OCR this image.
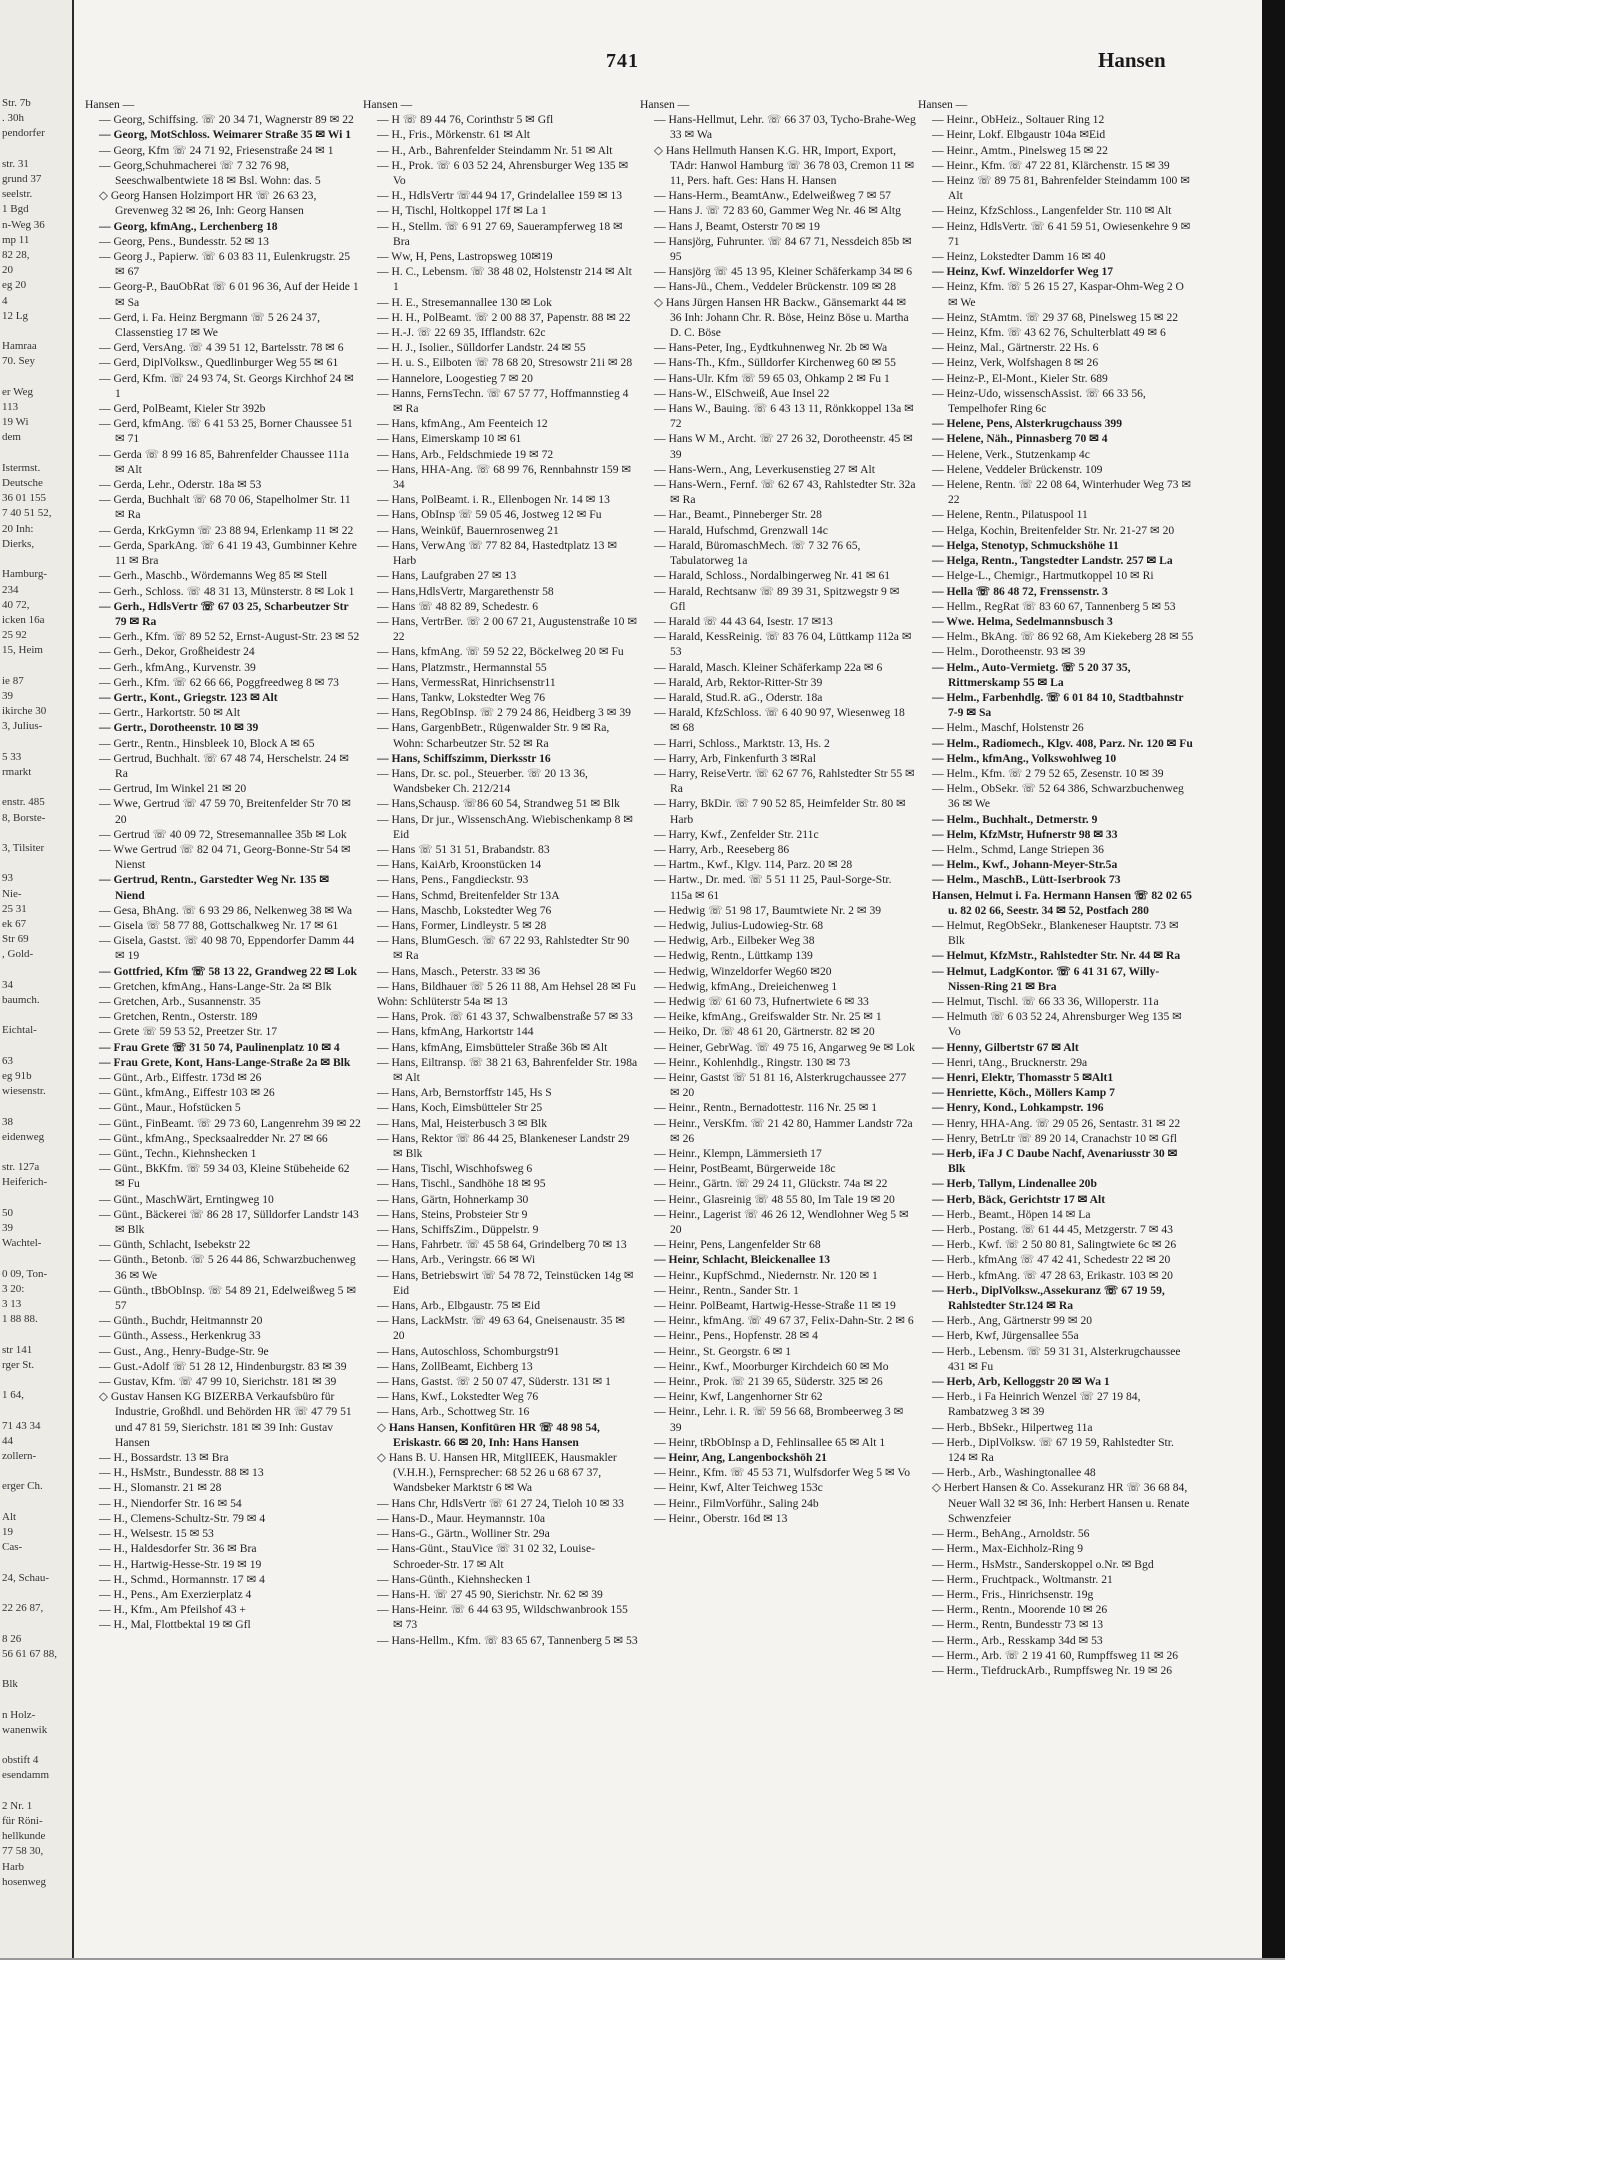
Str. 7b
. 30h
pendorfer

str. 31
grund 37
seelstr.
1 Bgd
n-Weg 36
mp 11
82 28,
20
eg 20
4
12 Lg

Hamraa
70. Sey

er Weg
113
19 Wi
dem

Istermst.
Deutsche
36 01 155
7 40 51 52,
20 Inh:
Dierks,

Hamburg-
234
40 72,
icken 16a
25 92
15, Heim

ie 87
39
ikirche 30
3, Julius-

5 33
rmarkt

enstr. 485
8, Borste-

3, Tilsiter

93
Nie-
25 31
ek 67
Str 69
, Gold-

34
baumch.

Eichtal-

63
eg 91b
wiesenstr.

38
eidenweg

str. 127a
Heiferich-

50
39
Wachtel-

0 09, Ton-
3 20:
3 13
1 88 88.

str 141
rger St.

1 64,

71 43 34
44
zollern-

erger Ch.

Alt
19
Cas-

24, Schau-

22 26 87,

8 26
56 61 67 88,

Blk

n Holz-
wanenwik

obstift 4
esendamm

2 Nr. 1
für Röni-
hellkunde
77 58 30,
Harb
hosenweg
741	Hansen

Hansen —

— Georg, Schiffsing. ☏ 20 34 71, Wagnerstr 89 ✉ 22

— Georg, MotSchloss. Weimarer Straße 35 ✉ Wi 1

— Georg, Kfm ☏ 24 71 92, Friesenstraße 24 ✉ 1

— Georg,Schuhmacherei ☏ 7 32 76 98, Seeschwalbentwiete 18 ✉ Bsl. Wohn: das. 5

◇ Georg Hansen Holzimport HR ☏ 26 63 23, Grevenweg 32 ✉ 26, Inh: Georg Hansen

— Georg, kfmAng., Lerchenberg 18

— Georg, Pens., Bundesstr. 52 ✉ 13

— Georg J., Papierw. ☏ 6 03 83 11, Eulenkrugstr. 25 ✉ 67

— Georg-P., BauObRat ☏ 6 01 96 36, Auf der Heide 1 ✉ Sa

— Gerd, i. Fa. Heinz Bergmann ☏ 5 26 24 37, Classenstieg 17 ✉ We

— Gerd, VersAng. ☏ 4 39 51 12, Bartelsstr. 78 ✉ 6

— Gerd, DiplVolksw., Quedlinburger Weg 55 ✉ 61

— Gerd, Kfm. ☏ 24 93 74, St. Georgs Kirchhof 24 ✉ 1

— Gerd, PolBeamt, Kieler Str 392b

— Gerd, kfmAng. ☏ 6 41 53 25, Borner Chaussee 51 ✉ 71

— Gerda ☏ 8 99 16 85, Bahrenfelder Chaussee 111a ✉ Alt

— Gerda, Lehr., Oderstr. 18a ✉ 53

— Gerda, Buchhalt ☏ 68 70 06, Stapelholmer Str. 11 ✉ Ra

— Gerda, KrkGymn ☏ 23 88 94, Erlenkamp 11 ✉ 22

— Gerda, SparkAng. ☏ 6 41 19 43, Gumbinner Kehre 11 ✉ Bra

— Gerh., Maschb., Wördemanns Weg 85 ✉ Stell

— Gerh., Schloss. ☏ 48 31 13, Münsterstr. 8 ✉ Lok 1

— Gerh., HdlsVertr ☏ 67 03 25, Scharbeutzer Str 79 ✉ Ra

— Gerh., Kfm. ☏ 89 52 52, Ernst-August-Str. 23 ✉ 52

— Gerh., Dekor, Großheidestr 24

— Gerh., kfmAng., Kurvenstr. 39

— Gerh., Kfm. ☏ 62 66 66, Poggfreedweg 8 ✉ 73

— Gertr., Kont., Griegstr. 123 ✉ Alt

— Gertr., Harkortstr. 50 ✉ Alt

— Gertr., Dorotheenstr. 10 ✉ 39

— Gertr., Rentn., Hinsbleek 10, Block A ✉ 65

— Gertrud, Buchhalt. ☏ 67 48 74, Herschelstr. 24 ✉ Ra

— Gertrud, Im Winkel 21 ✉ 20

— Wwe, Gertrud ☏ 47 59 70, Breitenfelder Str 70 ✉ 20

— Gertrud ☏ 40 09 72, Stresemannallee 35b ✉ Lok

— Wwe Gertrud ☏ 82 04 71, Georg-Bonne-Str 54 ✉ Nienst

— Gertrud, Rentn., Garstedter Weg Nr. 135 ✉ Niend

— Gesa, BhAng. ☏ 6 93 29 86, Nelkenweg 38 ✉ Wa

— Gisela ☏ 58 77 88, Gottschalkweg Nr. 17 ✉ 61

— Gisela, Gastst. ☏ 40 98 70, Eppendorfer Damm 44 ✉ 19

— Gottfried, Kfm ☏ 58 13 22, Grandweg 22 ✉ Lok

— Gretchen, kfmAng., Hans-Lange-Str. 2a ✉ Blk

— Gretchen, Arb., Susannenstr. 35

— Gretchen, Rentn., Osterstr. 189

— Grete ☏ 59 53 52, Preetzer Str. 17

— Frau Grete ☏ 31 50 74, Paulinenplatz 10 ✉ 4

— Frau Grete, Kont, Hans-Lange-Straße 2a ✉ Blk

— Günt., Arb., Eiffestr. 173d ✉ 26

— Günt., kfmAng., Eiffestr 103 ✉ 26

— Günt., Maur., Hofstücken 5

— Günt., FinBeamt. ☏ 29 73 60, Langenrehm 39 ✉ 22

— Günt., kfmAng., Specksaalredder Nr. 27 ✉ 66

— Günt., Techn., Kiehnshecken 1

— Günt., BkKfm. ☏ 59 34 03, Kleine Stübeheide 62 ✉ Fu

— Günt., MaschWärt, Erntingweg 10

— Günt., Bäckerei ☏ 86 28 17, Sülldorfer Landstr 143 ✉ Blk

— Günth, Schlacht, Isebekstr 22

— Günth., Betonb. ☏ 5 26 44 86, Schwarzbuchenweg 36 ✉ We

— Günth., tBbObInsp. ☏ 54 89 21, Edelweißweg 5 ✉ 57

— Günth., Buchdr, Heitmannstr 20

— Günth., Assess., Herkenkrug 33

— Gust., Ang., Henry-Budge-Str. 9e

— Gust.-Adolf ☏ 51 28 12, Hindenburgstr. 83 ✉ 39

— Gustav, Kfm. ☏ 47 99 10, Sierichstr. 181 ✉ 39

◇ Gustav Hansen KG BIZERBA Verkaufsbüro für Industrie, Großhdl. und Behörden HR ☏ 47 79 51 und 47 81 59, Sierichstr. 181 ✉ 39 Inh: Gustav Hansen

— H., Bossardstr. 13 ✉ Bra

— H., HsMstr., Bundesstr. 88 ✉ 13

— H., Slomanstr. 21 ✉ 28

— H., Niendorfer Str. 16 ✉ 54

— H., Clemens-Schultz-Str. 79 ✉ 4

— H., Welsestr. 15 ✉ 53

— H., Haldesdorfer Str. 36 ✉ Bra

— H., Hartwig-Hesse-Str. 19 ✉ 19

— H., Schmd., Hormannstr. 17 ✉ 4

— H., Pens., Am Exerzierplatz 4

— H., Kfm., Am Pfeilshof 43 +

— H., Mal, Flottbektal 19 ✉ Gfl

Hansen —

— H ☏ 89 44 76, Corinthstr 5 ✉ Gfl

— H., Fris., Mörkenstr. 61 ✉ Alt

— H., Arb., Bahrenfelder Steindamm Nr. 51 ✉ Alt

— H., Prok. ☏ 6 03 52 24, Ahrensburger Weg 135 ✉ Vo

— H., HdlsVertr ☏44 94 17, Grindelallee 159 ✉ 13

— H, Tischl, Holtkoppel 17f ✉ La 1

— H., Stellm. ☏ 6 91 27 69, Sauerampferweg 18 ✉ Bra

— Ww, H, Pens, Lastropsweg 10✉19

— H. C., Lebensm. ☏ 38 48 02, Holstenstr 214 ✉ Alt 1

— H. E., Stresemannallee 130 ✉ Lok

— H. H., PolBeamt. ☏ 2 00 88 37, Papenstr. 88 ✉ 22

— H.-J. ☏ 22 69 35, Ifflandstr. 62c

— H. J., Isolier., Sülldorfer Landstr. 24 ✉ 55

— H. u. S., Eilboten ☏ 78 68 20, Stresowstr 21i ✉ 28

— Hannelore, Loogestieg 7 ✉ 20

— Hanns, FernsTechn. ☏ 67 57 77, Hoffmannstieg 4 ✉ Ra

— Hans, kfmAng., Am Feenteich 12

— Hans, Eimerskamp 10 ✉ 61

— Hans, Arb., Feldschmiede 19 ✉ 72

— Hans, HHA-Ang. ☏ 68 99 76, Rennbahnstr 159 ✉ 34

— Hans, PolBeamt. i. R., Ellenbogen Nr. 14 ✉ 13

— Hans, ObInsp ☏ 59 05 46, Jostweg 12 ✉ Fu

— Hans, Weinküf, Bauernrosenweg 21

— Hans, VerwAng ☏ 77 82 84, Hastedtplatz 13 ✉ Harb

— Hans, Laufgraben 27 ✉ 13

— Hans,HdlsVertr, Margarethenstr 58

— Hans ☏ 48 82 89, Schedestr. 6

— Hans, VertrBer. ☏ 2 00 67 21, Augustenstraße 10 ✉ 22

— Hans, kfmAng. ☏ 59 52 22, Böckelweg 20 ✉ Fu

— Hans, Platzmstr., Hermannstal 55

— Hans, VermessRat, Hinrichsenstr11

— Hans, Tankw, Lokstedter Weg 76

— Hans, RegObInsp. ☏ 2 79 24 86, Heidberg 3 ✉ 39

— Hans, GargenbBetr., Rügenwalder Str. 9 ✉ Ra, Wohn: Scharbeutzer Str. 52 ✉ Ra

— Hans, Schiffszimm, Dierksstr 16

— Hans, Dr. sc. pol., Steuerber. ☏ 20 13 36, Wandsbeker Ch. 212/214

— Hans,Schausp. ☏86 60 54, Strandweg 51 ✉ Blk

— Hans, Dr jur., WissenschAng. Wiebischenkamp 8 ✉ Eid

— Hans ☏ 51 31 51, Brabandstr. 83

— Hans, KaiArb, Kroonstücken 14

— Hans, Pens., Fangdieckstr. 93

— Hans, Schmd, Breitenfelder Str 13A

— Hans, Maschb, Lokstedter Weg 76

— Hans, Former, Lindleystr. 5 ✉ 28

— Hans, BlumGesch. ☏ 67 22 93, Rahlstedter Str 90 ✉ Ra

— Hans, Masch., Peterstr. 33 ✉ 36

— Hans, Bildhauer ☏ 5 26 11 88, Am Hehsel 28 ✉ Fu

Wohn: Schlüterstr 54a ✉ 13

— Hans, Prok. ☏ 61 43 37, Schwalbenstraße 57 ✉ 33

— Hans, kfmAng, Harkortstr 144

— Hans, kfmAng, Eimsbütteler Straße 36b ✉ Alt

— Hans, Eiltransp. ☏ 38 21 63, Bahrenfelder Str. 198a ✉ Alt

— Hans, Arb, Bernstorffstr 145, Hs S

— Hans, Koch, Eimsbütteler Str 25

— Hans, Mal, Heisterbusch 3 ✉ Blk

— Hans, Rektor ☏ 86 44 25, Blankeneser Landstr 29 ✉ Blk

— Hans, Tischl, Wischhofsweg 6

— Hans, Tischl., Sandhöhe 18 ✉ 95

— Hans, Gärtn, Hohnerkamp 30

— Hans, Steins, Probsteier Str 9

— Hans, SchiffsZim., Düppelstr. 9

— Hans, Fahrbetr. ☏ 45 58 64, Grindelberg 70 ✉ 13

— Hans, Arb., Veringstr. 66 ✉ Wi

— Hans, Betriebswirt ☏ 54 78 72, Teinstücken 14g ✉ Eid

— Hans, Arb., Elbgaustr. 75 ✉ Eid

— Hans, LackMstr. ☏ 49 63 64, Gneisenaustr. 35 ✉ 20

— Hans, Autoschloss, Schomburgstr91

— Hans, ZollBeamt, Eichberg 13

— Hans, Gastst. ☏ 2 50 07 47, Süderstr. 131 ✉ 1

— Hans, Kwf., Lokstedter Weg 76

— Hans, Arb., Schottweg Str. 16

◇ Hans Hansen, Konfitüren HR ☏ 48 98 54, Eriskastr. 66 ✉ 20, Inh: Hans Hansen

◇ Hans B. U. Hansen HR, MitglIEEK, Hausmakler (V.H.H.), Fernsprecher: 68 52 26 u 68 67 37, Wandsbeker Marktstr 6 ✉ Wa

— Hans Chr, HdlsVertr ☏ 61 27 24, Tieloh 10 ✉ 33

— Hans-D., Maur. Heymannstr. 10a

— Hans-G., Gärtn., Wolliner Str. 29a

— Hans-Günt., StauVice ☏ 31 02 32, Louise-Schroeder-Str. 17 ✉ Alt

— Hans-Günth., Kiehnshecken 1

— Hans-H. ☏ 27 45 90, Sierichstr. Nr. 62 ✉ 39

— Hans-Heinr. ☏ 6 44 63 95, Wildschwanbrook 155 ✉ 73

— Hans-Hellm., Kfm. ☏ 83 65 67, Tannenberg 5 ✉ 53

Hansen —

— Hans-Hellmut, Lehr. ☏ 66 37 03, Tycho-Brahe-Weg 33 ✉ Wa

◇ Hans Hellmuth Hansen K.G. HR, Import, Export, TAdr: Hanwol Hamburg ☏ 36 78 03, Cremon 11 ✉ 11, Pers. haft. Ges: Hans H. Hansen

— Hans-Herm., BeamtAnw., Edelweißweg 7 ✉ 57

— Hans J. ☏ 72 83 60, Gammer Weg Nr. 46 ✉ Altg

— Hans J, Beamt, Osterstr 70 ✉ 19

— Hansjörg, Fuhrunter. ☏ 84 67 71, Nessdeich 85b ✉ 95

— Hansjörg ☏ 45 13 95, Kleiner Schäferkamp 34 ✉ 6

— Hans-Jü., Chem., Veddeler Brückenstr. 109 ✉ 28

◇ Hans Jürgen Hansen HR Backw., Gänsemarkt 44 ✉ 36 Inh: Johann Chr. R. Böse, Heinz Böse u. Martha D. C. Böse

— Hans-Peter, Ing., Eydtkuhnenweg Nr. 2b ✉ Wa

— Hans-Th., Kfm., Sülldorfer Kirchenweg 60 ✉ 55

— Hans-Ulr. Kfm ☏ 59 65 03, Ohkamp 2 ✉ Fu 1

— Hans-W., ElSchweiß, Aue Insel 22

— Hans W., Bauing. ☏ 6 43 13 11, Rönkkoppel 13a ✉ 72

— Hans W M., Archt. ☏ 27 26 32, Dorotheenstr. 45 ✉ 39

— Hans-Wern., Ang, Leverkusenstieg 27 ✉ Alt

— Hans-Wern., Fernf. ☏ 62 67 43, Rahlstedter Str. 32a ✉ Ra

— Har., Beamt., Pinneberger Str. 28

— Harald, Hufschmd, Grenzwall 14c

— Harald, BüromaschMech. ☏ 7 32 76 65, Tabulatorweg 1a

— Harald, Schloss., Nordalbingerweg Nr. 41 ✉ 61

— Harald, Rechtsanw ☏ 89 39 31, Spitzwegstr 9 ✉ Gfl

— Harald ☏ 44 43 64, Isestr. 17 ✉13

— Harald, KessReinig. ☏ 83 76 04, Lüttkamp 112a ✉ 53

— Harald, Masch. Kleiner Schäferkamp 22a ✉ 6

— Harald, Arb, Rektor-Ritter-Str 39

— Harald, Stud.R. aG., Oderstr. 18a

— Harald, KfzSchloss. ☏ 6 40 90 97, Wiesenweg 18 ✉ 68

— Harri, Schloss., Marktstr. 13, Hs. 2

— Harry, Arb, Finkenfurth 3 ✉Ral

— Harry, ReiseVertr. ☏ 62 67 76, Rahlstedter Str 55 ✉ Ra

— Harry, BkDir. ☏ 7 90 52 85, Heimfelder Str. 80 ✉ Harb

— Harry, Kwf., Zenfelder Str. 211c

— Harry, Arb., Reeseberg 86

— Hartm., Kwf., Klgv. 114, Parz. 20 ✉ 28

— Hartw., Dr. med. ☏ 5 51 11 25, Paul-Sorge-Str. 115a ✉ 61

— Hedwig ☏ 51 98 17, Baumtwiete Nr. 2 ✉ 39

— Hedwig, Julius-Ludowieg-Str. 68

— Hedwig, Arb., Eilbeker Weg 38

— Hedwig, Rentn., Lüttkamp 139

— Hedwig, Winzeldorfer Weg60 ✉20

— Hedwig, kfmAng., Dreieichenweg 1

— Hedwig ☏ 61 60 73, Hufnertwiete 6 ✉ 33

— Heike, kfmAng., Greifswalder Str. Nr. 25 ✉ 1

— Heiko, Dr. ☏ 48 61 20, Gärtnerstr. 82 ✉ 20

— Heiner, GebrWag. ☏ 49 75 16, Angarweg 9e ✉ Lok

— Heinr., Kohlenhdlg., Ringstr. 130 ✉ 73

— Heinr, Gastst ☏ 51 81 16, Alsterkrugchaussee 277 ✉ 20

— Heinr., Rentn., Bernadottestr. 116 Nr. 25 ✉ 1

— Heinr., VersKfm. ☏ 21 42 80, Hammer Landstr 72a ✉ 26

— Heinr., Klempn, Lämmersieth 17

— Heinr, PostBeamt, Bürgerweide 18c

— Heinr., Gärtn. ☏ 29 24 11, Glückstr. 74a ✉ 22

— Heinr., Glasreinig ☏ 48 55 80, Im Tale 19 ✉ 20

— Heinr., Lagerist ☏ 46 26 12, Wendlohner Weg 5 ✉ 20

— Heinr, Pens, Langenfelder Str 68

— Heinr, Schlacht, Bleickenallee 13

— Heinr., KupfSchmd., Niedernstr. Nr. 120 ✉ 1

— Heinr., Rentn., Sander Str. 1

— Heinr. PolBeamt, Hartwig-Hesse-Straße 11 ✉ 19

— Heinr., kfmAng. ☏ 49 67 37, Felix-Dahn-Str. 2 ✉ 6

— Heinr., Pens., Hopfenstr. 28 ✉ 4

— Heinr., St. Georgstr. 6 ✉ 1

— Heinr., Kwf., Moorburger Kirchdeich 60 ✉ Mo

— Heinr., Prok. ☏ 21 39 65, Süderstr. 325 ✉ 26

— Heinr, Kwf, Langenhorner Str 62

— Heinr., Lehr. i. R. ☏ 59 56 68, Brombeerweg 3 ✉ 39

— Heinr, tRbObInsp a D, Fehlinsallee 65 ✉ Alt 1

— Heinr, Ang, Langenbockshöh 21

— Heinr., Kfm. ☏ 45 53 71, Wulfsdorfer Weg 5 ✉ Vo

— Heinr, Kwf, Alter Teichweg 153c

— Heinr., FilmVorführ., Saling 24b

— Heinr., Oberstr. 16d ✉ 13

Hansen —

— Heinr., ObHeiz., Soltauer Ring 12

— Heinr, Lokf. Elbgaustr 104a ✉Eid

— Heinr., Amtm., Pinelsweg 15 ✉ 22

— Heinr., Kfm. ☏ 47 22 81, Klärchenstr. 15 ✉ 39

— Heinz ☏ 89 75 81, Bahrenfelder Steindamm 100 ✉ Alt

— Heinz, KfzSchloss., Langenfelder Str. 110 ✉ Alt

— Heinz, HdlsVertr. ☏ 6 41 59 51, Owiesenkehre 9 ✉ 71

— Heinz, Lokstedter Damm 16 ✉ 40

— Heinz, Kwf. Winzeldorfer Weg 17

— Heinz, Kfm. ☏ 5 26 15 27, Kaspar-Ohm-Weg 2 O ✉ We

— Heinz, StAmtm. ☏ 29 37 68, Pinelsweg 15 ✉ 22

— Heinz, Kfm. ☏ 43 62 76, Schulterblatt 49 ✉ 6

— Heinz, Mal., Gärtnerstr. 22 Hs. 6

— Heinz, Verk, Wolfshagen 8 ✉ 26

— Heinz-P., El-Mont., Kieler Str. 689

— Heinz-Udo, wissenschAssist. ☏ 66 33 56, Tempelhofer Ring 6c

— Helene, Pens, Alsterkrugchauss 399

— Helene, Näh., Pinnasberg 70 ✉ 4

— Helene, Verk., Stutzenkamp 4c

— Helene, Veddeler Brückenstr. 109

— Helene, Rentn. ☏ 22 08 64, Winterhuder Weg 73 ✉ 22

— Helene, Rentn., Pilatuspool 11

— Helga, Kochin, Breitenfelder Str. Nr. 21-27 ✉ 20

— Helga, Stenotyp, Schmuckshöhe 11

— Helga, Rentn., Tangstedter Landstr. 257 ✉ La

— Helge-L., Chemigr., Hartmutkoppel 10 ✉ Ri

— Hella ☏ 86 48 72, Frenssenstr. 3

— Hellm., RegRat ☏ 83 60 67, Tannenberg 5 ✉ 53

— Wwe. Helma, Sedelmannsbusch 3

— Helm., BkAng. ☏ 86 92 68, Am Kiekeberg 28 ✉ 55

— Helm., Dorotheenstr. 93 ✉ 39

— Helm., Auto-Vermietg. ☏ 5 20 37 35, Rittmerskamp 55 ✉ La

— Helm., Farbenhdlg. ☏ 6 01 84 10, Stadtbahnstr 7-9 ✉ Sa

— Helm., Maschf, Holstenstr 26

— Helm., Radiomech., Klgv. 408, Parz. Nr. 120 ✉ Fu

— Helm., kfmAng., Volkswohlweg 10

— Helm., Kfm. ☏ 2 79 52 65, Zesenstr. 10 ✉ 39

— Helm., ObSekr. ☏ 52 64 386, Schwarzbuchenweg 36 ✉ We

— Helm., Buchhalt., Detmerstr. 9

— Helm, KfzMstr, Hufnerstr 98 ✉ 33

— Helm., Schmd, Lange Striepen 36

— Helm., Kwf., Johann-Meyer-Str.5a

— Helm., MaschB., Lütt-Iserbrook 73

Hansen, Helmut i. Fa. Hermann Hansen ☏ 82 02 65 u. 82 02 66, Seestr. 34 ✉ 52, Postfach 280

— Helmut, RegObSekr., Blankeneser Hauptstr. 73 ✉ Blk

— Helmut, KfzMstr., Rahlstedter Str. Nr. 44 ✉ Ra

— Helmut, LadgKontor. ☏ 6 41 31 67, Willy-Nissen-Ring 21 ✉ Bra

— Helmut, Tischl. ☏ 66 33 36, Willoperstr. 11a

— Helmuth ☏ 6 03 52 24, Ahrensburger Weg 135 ✉ Vo

— Henny, Gilbertstr 67 ✉ Alt

— Henri, tAng., Brucknerstr. 29a

— Henri, Elektr, Thomasstr 5 ✉Alt1

— Henriette, Köch., Möllers Kamp 7

— Henry, Kond., Lohkampstr. 196

— Henry, HHA-Ang. ☏ 29 05 26, Sentastr. 31 ✉ 22

— Henry, BetrLtr ☏ 89 20 14, Cranachstr 10 ✉ Gfl

— Herb, iFa J C Daube Nachf, Avenariusstr 30 ✉ Blk

— Herb, Tallym, Lindenallee 20b

— Herb, Bäck, Gerichtstr 17 ✉ Alt

— Herb., Beamt., Höpen 14 ✉ La

— Herb., Postang. ☏ 61 44 45, Metzgerstr. 7 ✉ 43

— Herb., Kwf. ☏ 2 50 80 81, Salingtwiete 6c ✉ 26

— Herb., kfmAng ☏ 47 42 41, Schedestr 22 ✉ 20

— Herb., kfmAng. ☏ 47 28 63, Erikastr. 103 ✉ 20

— Herb., DiplVolksw.,Assekuranz ☏ 67 19 59, Rahlstedter Str.124 ✉ Ra

— Herb., Ang, Gärtnerstr 99 ✉ 20

— Herb, Kwf, Jürgensallee 55a

— Herb., Lebensm. ☏ 59 31 31, Alsterkrugchaussee 431 ✉ Fu

— Herb, Arb, Kelloggstr 20 ✉ Wa 1

— Herb., i Fa Heinrich Wenzel ☏ 27 19 84, Rambatzweg 3 ✉ 39

— Herb., BbSekr., Hilpertweg 11a

— Herb., DiplVolksw. ☏ 67 19 59, Rahlstedter Str. 124 ✉ Ra

— Herb., Arb., Washingtonallee 48

◇ Herbert Hansen & Co. Assekuranz HR ☏ 36 68 84, Neuer Wall 32 ✉ 36, Inh: Herbert Hansen u. Renate Schwenzfeier

— Herm., BehAng., Arnoldstr. 56

— Herm., Max-Eichholz-Ring 9

— Herm., HsMstr., Sanderskoppel o.Nr. ✉ Bgd

— Herm., Fruchtpack., Woltmanstr. 21

— Herm., Fris., Hinrichsenstr. 19g

— Herm., Rentn., Moorende 10 ✉ 26

— Herm., Rentn, Bundesstr 73 ✉ 13

— Herm., Arb., Resskamp 34d ✉ 53

— Herm., Arb. ☏ 2 19 41 60, Rumpffsweg 11 ✉ 26

— Herm., TiefdruckArb., Rumpffsweg Nr. 19 ✉ 26
